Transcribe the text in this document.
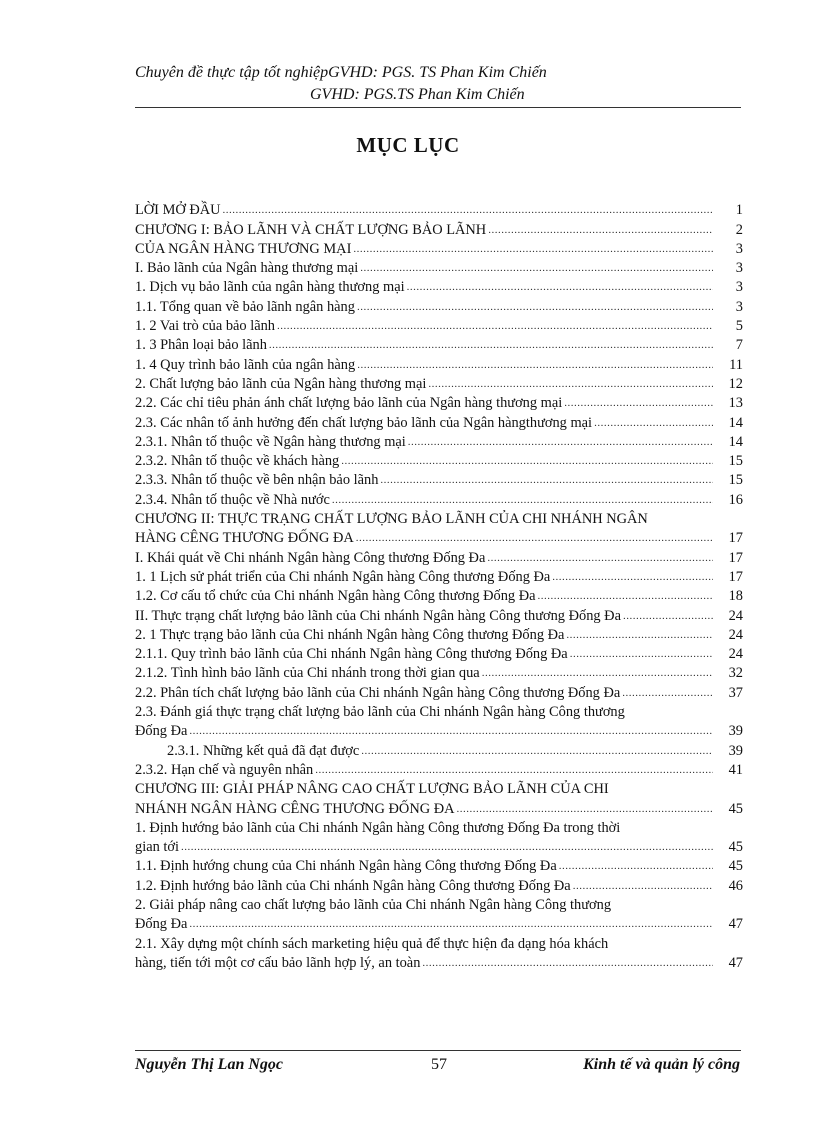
Chuyên đề thực tập tốt nghiệpGVHD: PGS. TS Phan Kim Chiến
GVHD: PGS.TS Phan Kim Chiến
MỤC LỤC
LỜI MỞ ĐẦU .....	1
CHƯƠNG I: BẢO LÃNH VÀ CHẤT LƯỢNG BẢO LÃNH .....	2
CỦA NGÂN HÀNG THƯƠNG MẠI .....	3
I. Bảo lãnh của Ngân hàng thương mại .....	3
1. Dịch vụ bảo lãnh của ngân hàng thương mại .....	3
1.1. Tổng quan về bảo lãnh ngân hàng .....	3
1. 2 Vai trò của bảo lãnh .....	5
1. 3 Phân loại bảo lãnh .....	7
1. 4 Quy trình bảo lãnh của ngân hàng .....	11
2. Chất lượng bảo lãnh của Ngân hàng thương mại .....	12
2.2. Các chỉ tiêu phản ánh chất lượng bảo lãnh của Ngân hàng thương mại .....	13
2.3. Các nhân tố ảnh hưởng đến chất lượng bảo lãnh của Ngân hàngthương mại .....	14
2.3.1. Nhân tố thuộc về Ngân hàng thương mại .....	14
2.3.2. Nhân tố thuộc về khách hàng .....	15
2.3.3. Nhân tố thuộc về bên nhận bảo lãnh .....	15
2.3.4. Nhân tố thuộc về Nhà nước .....	16
CHƯƠNG II: THỰC TRẠNG CHẤT LƯỢNG BẢO LÃNH CỦA CHI NHÁNH NGÂN
HÀNG CÊNG THƯƠNG ĐỐNG ĐA .....	17
I. Khái quát về Chi nhánh Ngân hàng Công thương Đống Đa .....	17
1. 1 Lịch sử phát triển của Chi nhánh Ngân hàng Công thương Đống Đa .....	17
1.2. Cơ cấu tổ chức của Chi nhánh Ngân hàng Công thương Đống Đa .....	18
II. Thực trạng chất lượng bảo lãnh của Chi nhánh Ngân hàng Công thương Đống Đa .....	24
2. 1 Thực trạng bảo lãnh của Chi nhánh Ngân hàng Công thương Đống Đa .....	24
2.1.1. Quy trình bảo lãnh của Chi nhánh Ngân hàng Công thương Đống Đa .....	24
2.1.2. Tình hình bảo lãnh của Chi nhánh trong thời gian qua .....	32
2.2. Phân tích chất lượng bảo lãnh của Chi nhánh Ngân hàng Công thương Đống Đa .....	37
2.3. Đánh giá thực trạng chất lượng bảo lãnh của Chi nhánh Ngân hàng Công thương
Đống Đa .....	39
2.3.1. Những kết quả đã đạt được .....	39
2.3.2. Hạn chế và nguyên nhân .....	41
CHƯƠNG III: GIẢI PHÁP NÂNG CAO CHẤT LƯỢNG BẢO LÃNH CỦA CHI
NHÁNH NGÂN HÀNG CÊNG THƯƠNG ĐỐNG ĐA .....	45
1. Định hướng bảo lãnh của Chi nhánh Ngân hàng Công thương Đống Đa trong thời
gian tới .....	45
1.1. Định hướng chung của Chi nhánh Ngân hàng Công thương Đống Đa .....	45
1.2. Định hướng bảo lãnh của Chi nhánh Ngân hàng Công thương Đống Đa .....	46
2. Giải pháp nâng cao chất lượng bảo lãnh của Chi nhánh Ngân hàng Công thương
Đống Đa .....	47
2.1. Xây dựng một chính sách marketing hiệu quả để thực hiện đa dạng hóa khách
hàng, tiến tới một cơ cấu bảo lãnh hợp lý, an toàn .....	47
Nguyễn Thị Lan Ngọc	57	Kinh tế và quản lý công
